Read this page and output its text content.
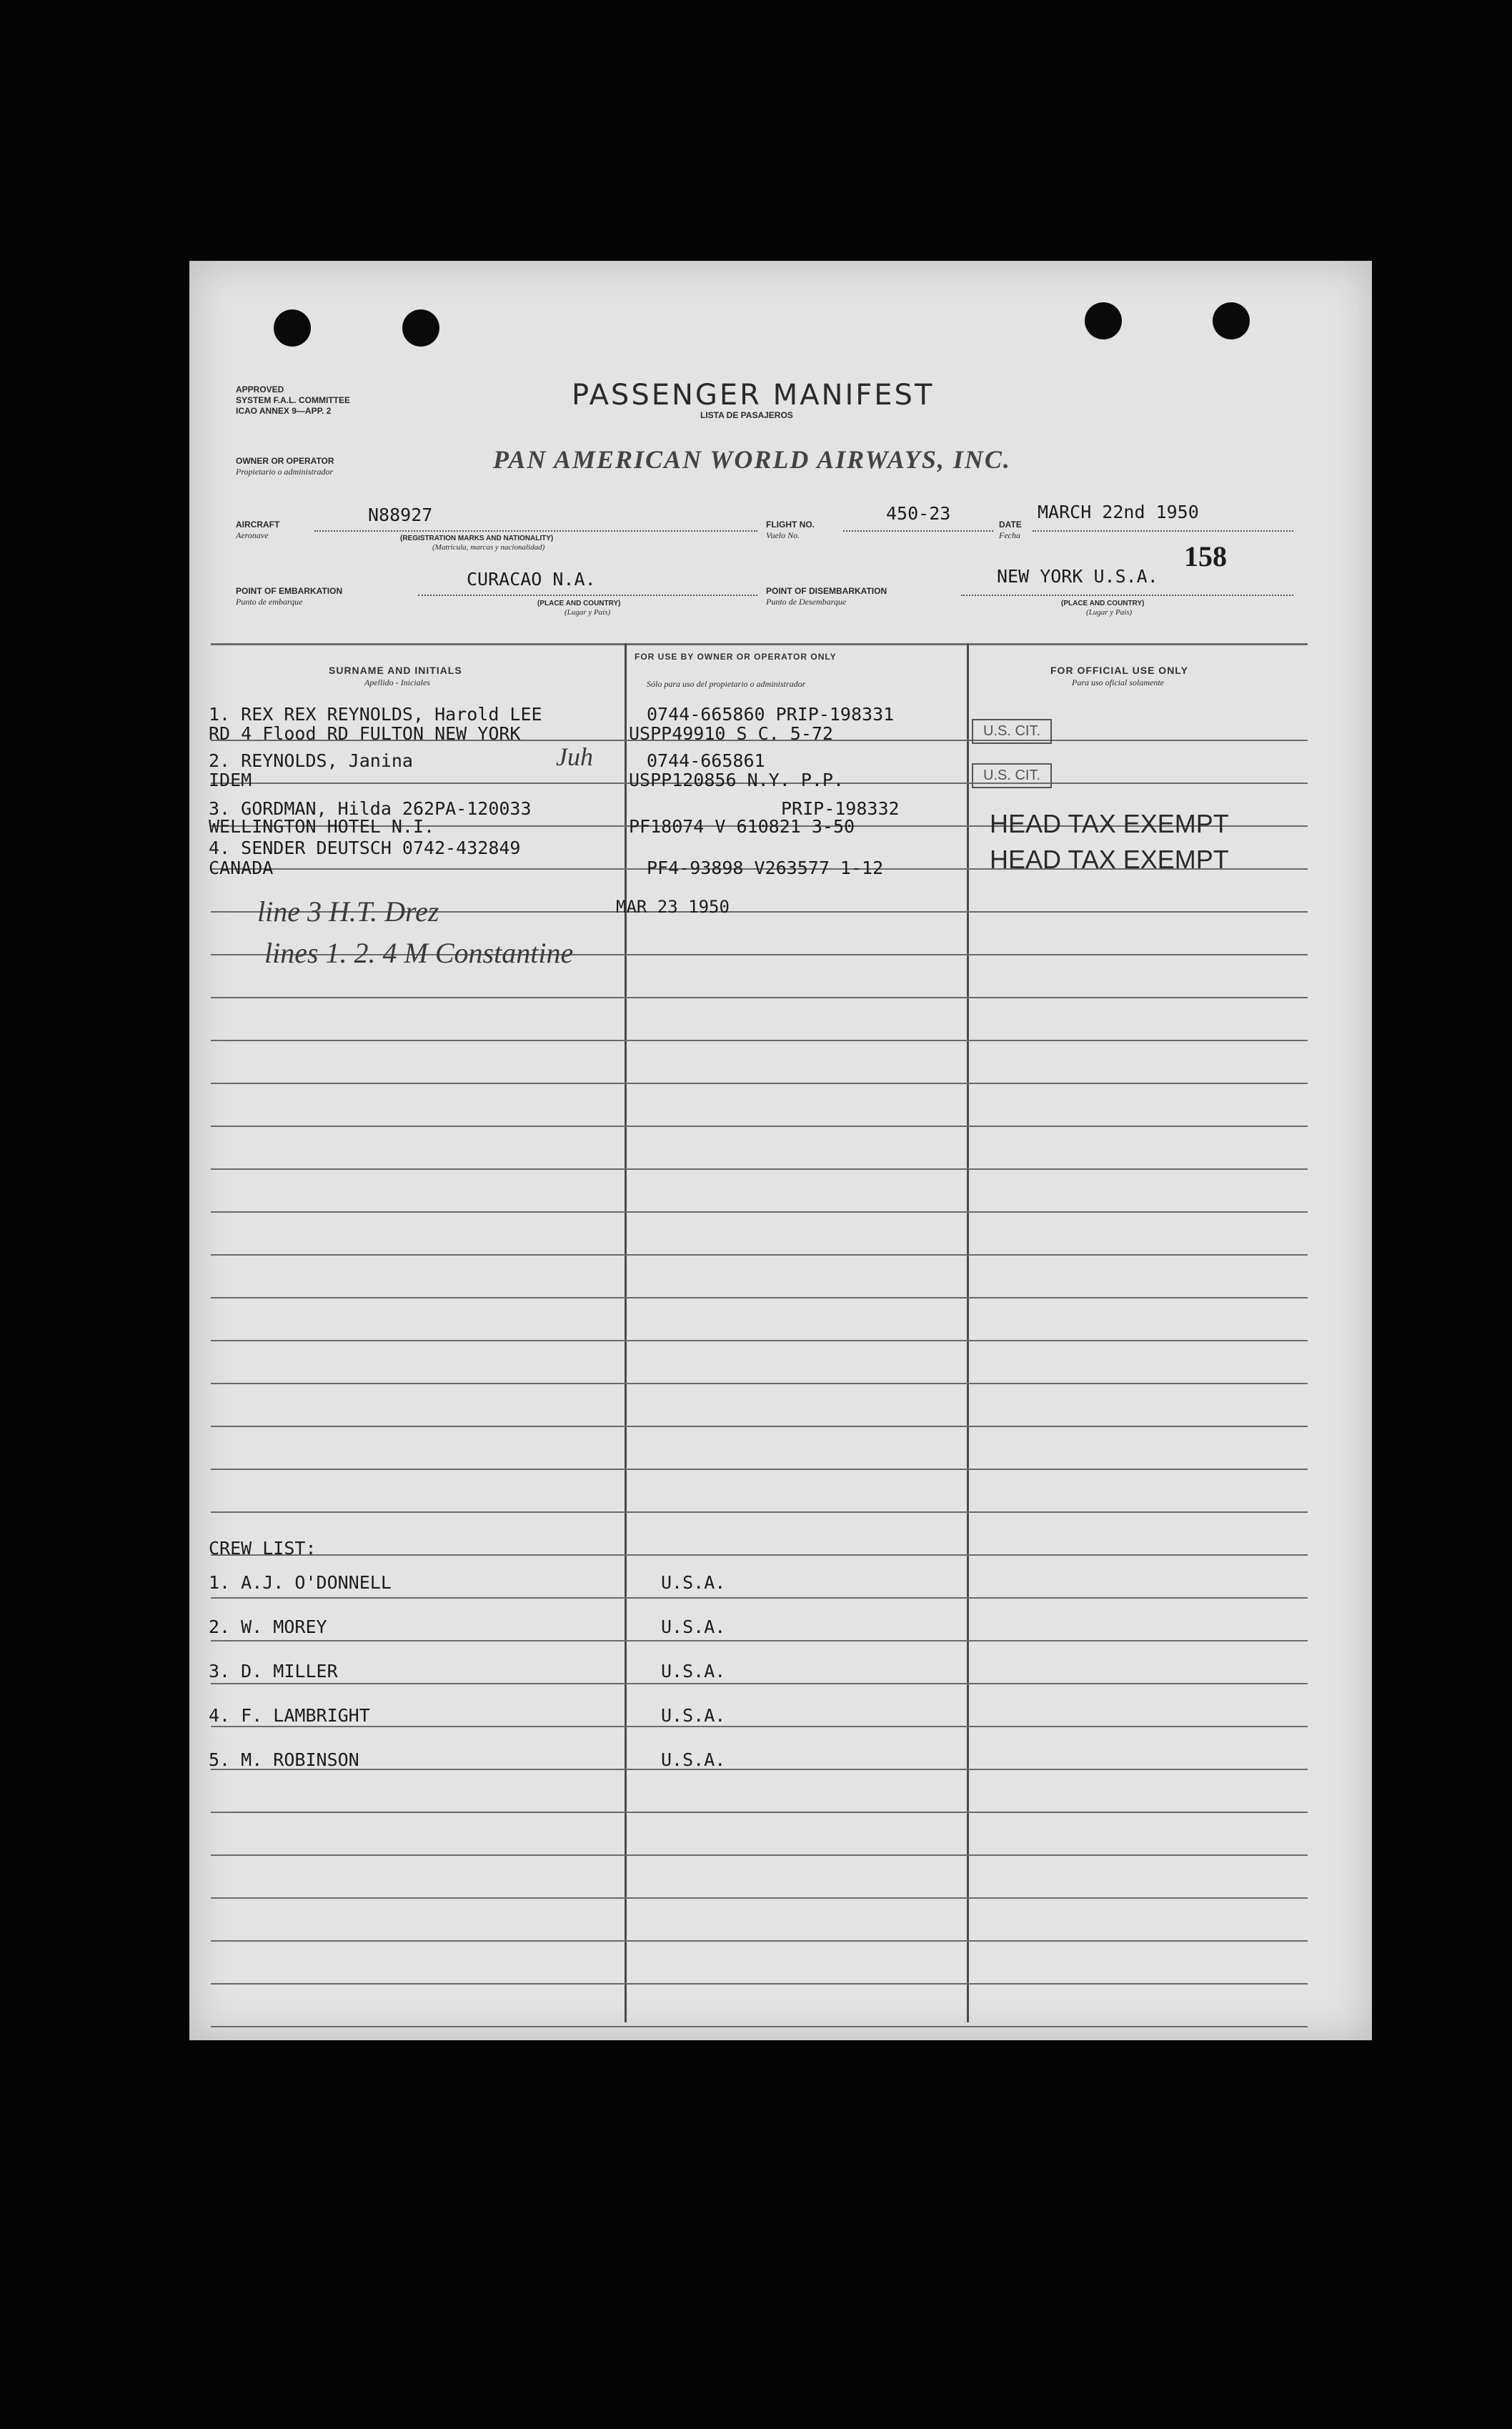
APPROVED
SYSTEM F.A.L. COMMITTEE
ICAO ANNEX 9—APP. 2	PASSENGER MANIFEST
LISTA DE PASAJEROS
OWNER OR OPERATOR
Propietario o administrador	PAN AMERICAN WORLD AIRWAYS, INC.
AIRCRAFT
Aeronave
N88927
(REGISTRATION MARKS AND NATIONALITY)
(Matricula, marcas y nacionalidad)
FLIGHT NO.
Vuelo No.
450-23
DATE
Fecha
MARCH 22nd 1950
158
POINT OF EMBARKATION
Punto de embarque
CURACAO N.A.
(PLACE AND COUNTRY)
(Lugar y País)
POINT OF DISEMBARKATION
Punto de Desembarque
NEW YORK U.S.A.
(PLACE AND COUNTRY)
(Lugar y País)
SURNAME AND INITIALS
Apellido - Iniciales
FOR USE BY OWNER OR OPERATOR ONLY
Sólo para uso del propietario o administrador
FOR OFFICIAL USE ONLY
Para uso oficial solamente
1. REX REX REYNOLDS, Harold LEE	0744-665860 PRIP-198331
RD 4 Flood RD FULTON NEW YORK	USPP49910 S C. 5-72	U.S. CIT.
2. REYNOLDS, Janina	0744-665861
IDEM	USPP120856 N.Y. P.P.	U.S. CIT.
Juh
3. GORDMAN, Hilda 262PA-120033	PRIP-198332
WELLINGTON HOTEL N.I.	PF18074 V 610821 3-50	HEAD TAX EXEMPT
4. SENDER DEUTSCH 0742-432849
CANADA	PF4-93898 V263577 1-12	HEAD TAX EXEMPT
line 3 H.T. Drez
lines 1. 2. 4 M Constantine
MAR 23 1950
CREW LIST:
1. A.J. O'DONNELL	U.S.A.
2. W. MOREY	U.S.A.
3. D. MILLER	U.S.A.
4. F. LAMBRIGHT	U.S.A.
5. M. ROBINSON	U.S.A.
